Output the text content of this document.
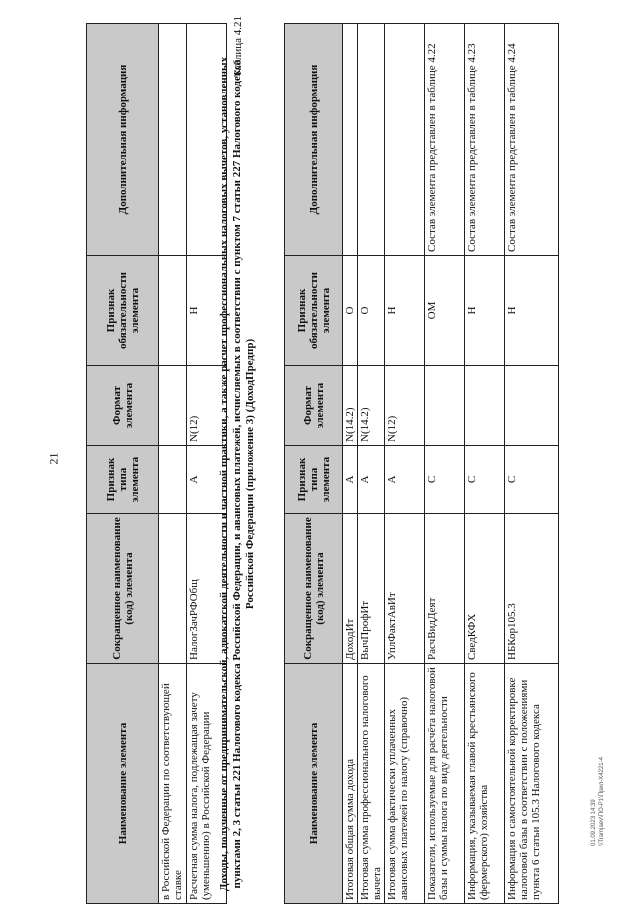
21
01.09.2023 14:39 \\Tramjaev\ПО-Р1\Прил-X4221-4
Наименование элемента	Сокращенное наименование (код) элемента	Признак типа элемента	Формат элемента	Признак обязательности элемента	Дополнительная информация
в Российской Федерации по соответствующей ставке					
Расчетная сумма налога, подлежащая зачету (уменьшению) в Российской Федерации	НалогЗачРФОбщ	А	N(12)	Н	
Таблица 4.21
Доходы, полученные от предпринимательской, адвокатской деятельности и частной практики, а также расчет профессиональных налоговых вычетов, установленных пунктами 2, 3 статьи 221 Налогового кодекса Российской Федерации, и авансовых платежей, исчисляемых в соответствии с пунктом 7 статьи 227 Налогового кодекса Российской Федерации (приложение 3) (ДоходПредпр)
Наименование элемента	Сокращенное наименование (код) элемента	Признак типа элемента	Формат элемента	Признак обязательности элемента	Дополнительная информация
Итоговая общая сумма дохода	ДоходИт	А	N(14.2)	О	
Итоговая сумма профессионального налогового вычета	ВычПрофИт	А	N(14.2)	О	
Итоговая сумма фактически уплаченных авансовых платежей по налогу (справочно)	УплФактАвИт	А	N(12)	Н	
Показатели, используемые для расчёта налоговой базы и суммы налога по виду деятельности	РасчВидДеят	С		ОМ	Состав элемента представлен в таблице 4.22
Информация, указываемая главой крестьянского (фермерского) хозяйства	СведКФХ	С		Н	Состав элемента представлен в таблице 4.23
Информация о самостоятельной корректировке налоговой базы в соответствии с положениями пункта 6 статьи 105.3 Налогового кодекса	НБКор105.3	С		Н	Состав элемента представлен в таблице 4.24
